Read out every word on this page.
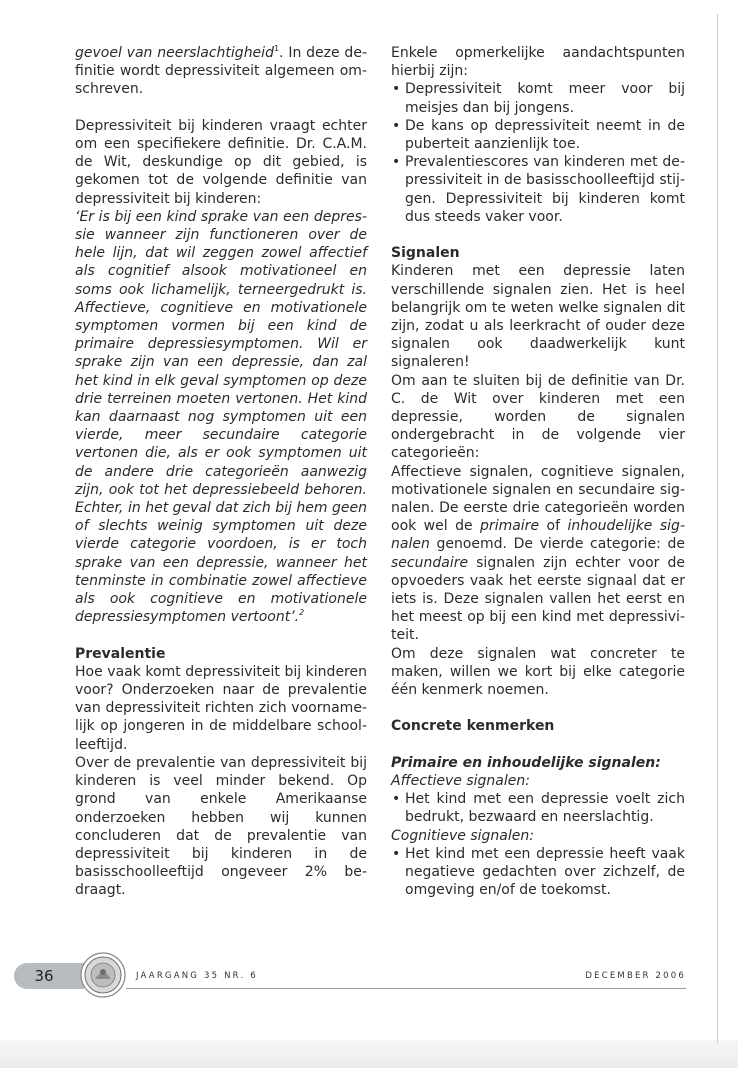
gevoel van neerslachtigheid$^1$. In deze definitie wordt depressiviteit algemeen omschreven.

Depressiviteit bij kinderen vraagt echter om een specifiekere definitie. Dr. C.A.M. de Wit, deskundige op dit gebied, is gekomen tot de volgende definitie van depressiviteit bij kinderen:

‘Er is bij een kind sprake van een depressie wanneer zijn functioneren over de hele lijn, dat wil zeggen zowel affectief als cognitief alsook motivationeel en soms ook lichamelijk, terneergedrukt is. Affectieve, cognitieve en motivationele symptomen vormen bij een kind de primaire depressiesymptomen. Wil er sprake zijn van een depressie, dan zal het kind in elk geval symptomen op deze drie terreinen moeten vertonen. Het kind kan daarnaast nog symptomen uit een vierde, meer secundaire categorie vertonen die, als er ook symptomen uit de andere drie categorieën aanwezig zijn, ook tot het depressiebeeld behoren. Echter, in het geval dat zich bij hem geen of slechts weinig symptomen uit deze vierde categorie voordoen, is er toch sprake van een depressie, wanneer het tenminste in combinatie zowel affectieve als ook cognitieve en motivationele depressiesymptomen vertoont’.$^2$

Prevalentie

Hoe vaak komt depressiviteit bij kinderen voor? Onderzoeken naar de prevalentie van depressiviteit richten zich voornamelijk op jongeren in de middelbare schoolleeftijd.

Over de prevalentie van depressiviteit bij kinderen is veel minder bekend. Op grond van enkele Amerikaanse onderzoeken hebben wij kunnen concluderen dat de prevalentie van depressiviteit bij kinderen in de basisschoolleeftijd ongeveer 2% bedraagt.

Enkele opmerkelijke aandachtspunten hierbij zijn:

• Depressiviteit komt meer voor bij meisjes dan bij jongens.
• De kans op depressiviteit neemt in de puberteit aanzienlijk toe.
• Prevalentiescores van kinderen met depressiviteit in de basisschoolleeftijd stijgen. Depressiviteit bij kinderen komt dus steeds vaker voor.

Signalen

Kinderen met een depressie laten verschillende signalen zien. Het is heel belangrijk om te weten welke signalen dit zijn, zodat u als leerkracht of ouder deze signalen ook daadwerkelijk kunt signaleren!

Om aan te sluiten bij de definitie van Dr. C. de Wit over kinderen met een depressie, worden de signalen ondergebracht in de volgende vier categorieën:

Affectieve signalen, cognitieve signalen, motivationele signalen en secundaire signalen. De eerste drie categorieën worden ook wel de primaire of inhoudelijke signalen genoemd. De vierde categorie: de secundaire signalen zijn echter voor de opvoeders vaak het eerste signaal dat er iets is. Deze signalen vallen het eerst en het meest op bij een kind met depressiviteit.

Om deze signalen wat concreter te maken, willen we kort bij elke categorie één kenmerk noemen.

Concrete kenmerken

Primaire en inhoudelijke signalen:

Affectieve signalen:

• Het kind met een depressie voelt zich bedrukt, bezwaard en neerslachtig.

Cognitieve signalen:

• Het kind met een depressie heeft vaak negatieve gedachten over zichzelf, de omgeving en/of de toekomst.
36	JAARGANG 35 NR. 6	DECEMBER 2006
